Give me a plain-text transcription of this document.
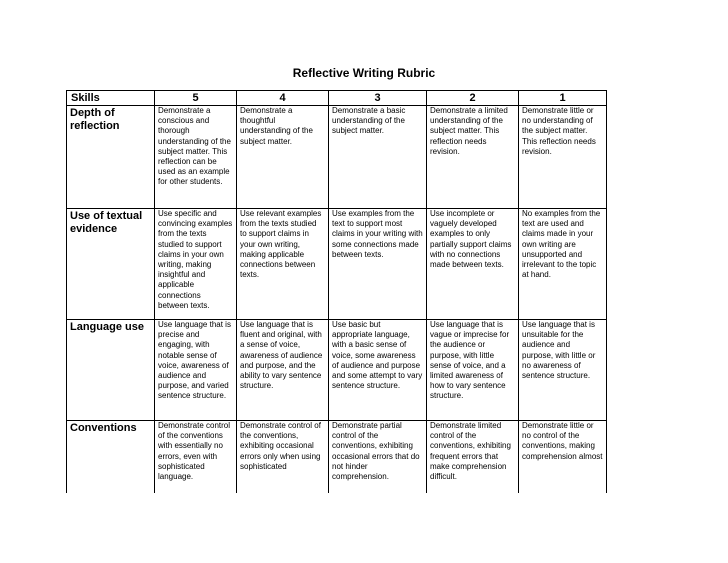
Reflective Writing Rubric
Skills	5	4	3	2	1
Depth of reflection	Demonstrate a conscious and thorough understanding of the subject matter. This reflection can be used as an example for other students.	Demonstrate a thoughtful understanding of the subject matter.	Demonstrate a basic understanding of the subject matter.	Demonstrate a limited understanding of the subject matter. This reflection needs revision.	Demonstrate little or no understanding of the subject matter. This reflection needs revision.
Use of textual evidence	Use specific and convincing examples from the texts studied to support claims in your own writing, making insightful and applicable connections between texts.	Use relevant examples from the texts studied to support claims in your own writing, making applicable connections between texts.	Use examples from the text to support most claims in your writing with some connections made between texts.	Use incomplete or vaguely developed examples to only partially support claims with no connections made between texts.	No examples from the text are used and claims made in your own writing are unsupported and irrelevant to the topic at hand.
Language use	Use language that is precise and engaging, with notable sense of voice, awareness of audience and purpose, and varied sentence structure.	Use language that is fluent and original, with a sense of voice, awareness of audience and purpose, and the ability to vary sentence structure.	Use basic but appropriate language, with a basic sense of voice, some awareness of audience and purpose and some attempt to vary sentence structure.	Use language that is vague or imprecise for the audience or purpose, with little sense of voice, and a limited awareness of how to vary sentence structure.	Use language that is unsuitable for the audience and purpose, with little or no awareness of sentence structure.
Conventions	Demonstrate control of the conventions with essentially no errors, even with sophisticated language.	Demonstrate control of the conventions, exhibiting occasional errors only when using sophisticated	Demonstrate partial control of the conventions, exhibiting occasional errors that do not hinder comprehension.	Demonstrate limited control of the conventions, exhibiting frequent errors that make comprehension difficult.	Demonstrate little or no control of the conventions, making comprehension almost
